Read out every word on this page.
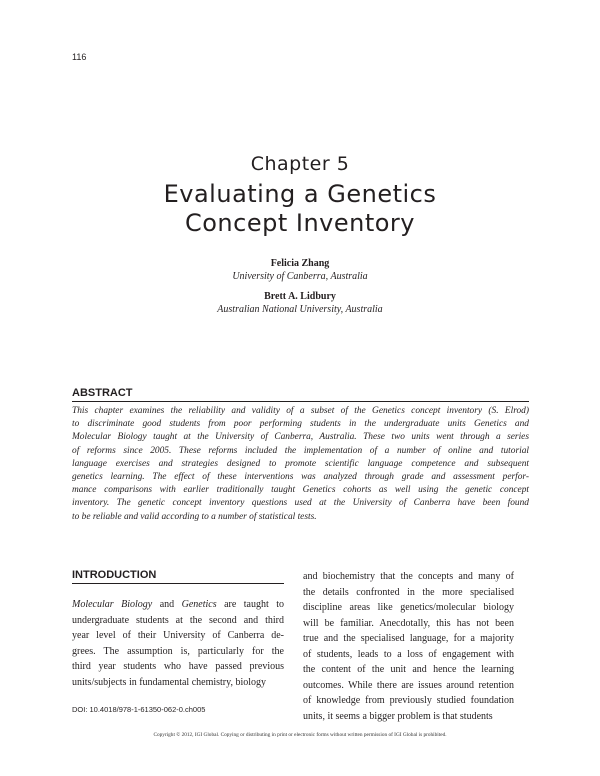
116
Chapter 5
Evaluating a Genetics
Concept Inventory
Felicia Zhang
University of Canberra, Australia
Brett A. Lidbury
Australian National University, Australia
ABSTRACT
This chapter examines the reliability and validity of a subset of the Genetics concept inventory (S. Elrod)
to discriminate good students from poor performing students in the undergraduate units Genetics and
Molecular Biology taught at the University of Canberra, Australia. These two units went through a series
of reforms since 2005. These reforms included the implementation of a number of online and tutorial
language exercises and strategies designed to promote scientific language competence and subsequent
genetics learning. The effect of these interventions was analyzed through grade and assessment perfor-
mance comparisons with earlier traditionally taught Genetics cohorts as well using the genetic concept
inventory. The genetic concept inventory questions used at the University of Canberra have been found
to be reliable and valid according to a number of statistical tests.
INTRODUCTION
Molecular Biology and Genetics are taught to
undergraduate students at the second and third
year level of their University of Canberra de-
grees. The assumption is, particularly for the
third year students who have passed previous
units/subjects in fundamental chemistry, biology
and biochemistry that the concepts and many of
the details confronted in the more specialised
discipline areas like genetics/molecular biology
will be familiar. Anecdotally, this has not been
true and the specialised language, for a majority
of students, leads to a loss of engagement with
the content of the unit and hence the learning
outcomes. While there are issues around retention
of knowledge from previously studied foundation
units, it seems a bigger problem is that students
DOI: 10.4018/978-1-61350-062-0.ch005
Copyright © 2012, IGI Global. Copying or distributing in print or electronic forms without written permission of IGI Global is prohibited.
